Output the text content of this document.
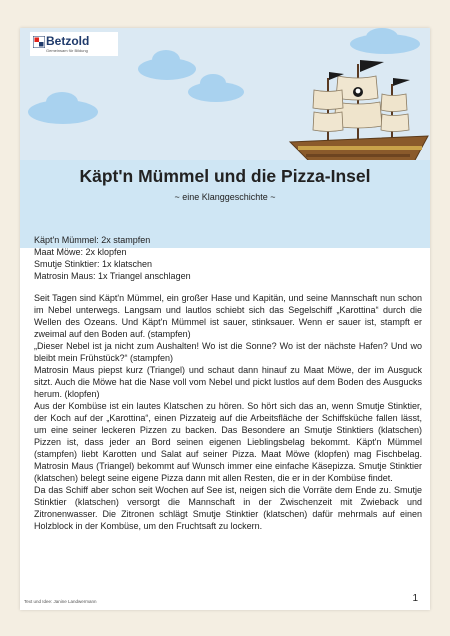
Betzold
Gemeinsam für Bildung
Käpt'n Mümmel und die Pizza-Insel
~ eine Klanggeschichte ~

Käpt'n Mümmel: 2x stampfen

Maat Möwe: 2x klopfen

Smutje Stinktier: 1x klatschen

Matrosin Maus: 1x Triangel anschlagen

Seit Tagen sind Käpt'n Mümmel, ein großer Hase und Kapitän, und seine Mannschaft nun schon im Nebel unterwegs. Langsam und lautlos schiebt sich das Segelschiff „Karottina“ durch die Wellen des Ozeans. Und Käpt'n Mümmel ist sauer, stinksauer. Wenn er sauer ist, stampft er zweimal auf den Boden auf. (stampfen)

„Dieser Nebel ist ja nicht zum Aushalten! Wo ist die Sonne? Wo ist der nächste Hafen? Und wo bleibt mein Frühstück?“ (stampfen)

Matrosin Maus piepst kurz (Triangel) und schaut dann hinauf zu Maat Möwe, der im Ausguck sitzt. Auch die Möwe hat die Nase voll vom Nebel und pickt lustlos auf dem Boden des Ausgucks herum. (klopfen)

Aus der Kombüse ist ein lautes Klatschen zu hören. So hört sich das an, wenn Smutje Stinktier, der Koch auf der „Karottina“, einen Pizzateig auf die Arbeitsfläche der Schiffsküche fallen lässt, um eine seiner leckeren Pizzen zu backen. Das Besondere an Smutje Stinktiers (klatschen) Pizzen ist, dass jeder an Bord seinen eigenen Lieblingsbelag bekommt. Käpt'n Mümmel (stampfen) liebt Karotten und Salat auf seiner Pizza. Maat Möwe (klopfen) mag Fischbelag. Matrosin Maus (Triangel) bekommt auf Wunsch immer eine einfache Käsepizza. Smutje Stinktier (klatschen) belegt seine eigene Pizza dann mit allen Resten, die er in der Kombüse findet.

Da das Schiff aber schon seit Wochen auf See ist, neigen sich die Vorräte dem Ende zu. Smutje Stinktier (klatschen) versorgt die Mannschaft in der Zwischenzeit mit Zwieback und Zitronenwasser. Die Zitronen schlägt Smutje Stinktier (klatschen) dafür mehrmals auf einen Holzblock in der Kombüse, um den Fruchtsaft zu lockern.

Text und Idee: Janine Landwermann	1
